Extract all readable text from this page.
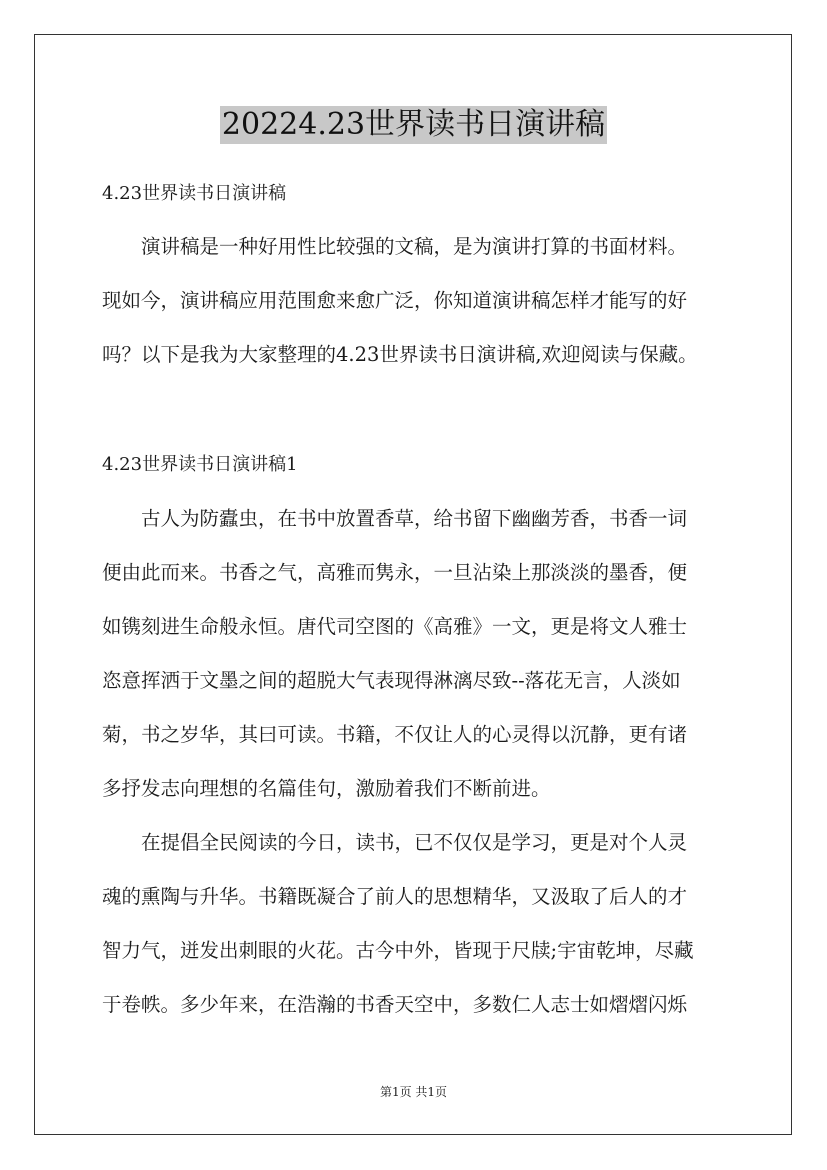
20224.23世界读书日演讲稿

4.23世界读书日演讲稿

演讲稿是一种好用性比较强的文稿，是为演讲打算的书面材料。

现如今，演讲稿应用范围愈来愈广泛，你知道演讲稿怎样才能写的好

吗？以下是我为大家整理的4.23世界读书日演讲稿,欢迎阅读与保藏。

4.23世界读书日演讲稿1

古人为防蠹虫，在书中放置香草，给书留下幽幽芳香，书香一词

便由此而来。书香之气，高雅而隽永，一旦沾染上那淡淡的墨香，便

如镌刻进生命般永恒。唐代司空图的《高雅》一文，更是将文人雅士

恣意挥洒于文墨之间的超脱大气表现得淋漓尽致--落花无言，人淡如

菊，书之岁华，其曰可读。书籍，不仅让人的心灵得以沉静，更有诸

多抒发志向理想的名篇佳句，激励着我们不断前进。

在提倡全民阅读的今日，读书，已不仅仅是学习，更是对个人灵

魂的熏陶与升华。书籍既凝合了前人的思想精华，又汲取了后人的才

智力气，迸发出刺眼的火花。古今中外，皆现于尺牍;宇宙乾坤，尽藏

于卷帙。多少年来，在浩瀚的书香天空中，多数仁人志士如熠熠闪烁

第1页 共1页
